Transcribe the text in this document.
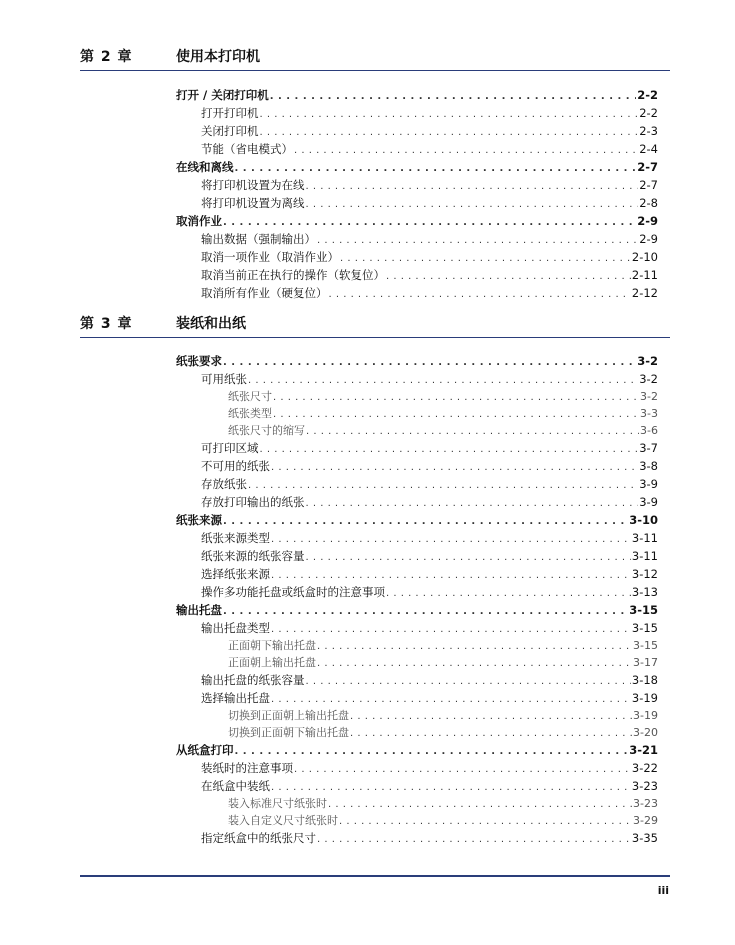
第 2 章	使用本打印机
打开 / 关闭打印机 . . .	2-2
打开打印机 . . .	2-2
关闭打印机 . . .	2-3
节能（省电模式） . . .	2-4
在线和离线 . . .	2-7
将打印机设置为在线 . . .	2-7
将打印机设置为离线 . . .	2-8
取消作业 . . .	2-9
输出数据（强制输出） . . .	2-9
取消一项作业（取消作业） . . .	2-10
取消当前正在执行的操作（软复位） . . .	2-11
取消所有作业（硬复位） . . .	2-12
第 3 章	装纸和出纸
纸张要求 . . .	3-2
可用纸张 . . .	3-2
纸张尺寸 . . .	3-2
纸张类型 . . .	3-3
纸张尺寸的缩写 . . .	3-6
可打印区域 . . .	3-7
不可用的纸张 . . .	3-8
存放纸张 . . .	3-9
存放打印输出的纸张 . . .	3-9
纸张来源 . . .	3-10
纸张来源类型 . . .	3-11
纸张来源的纸张容量 . . .	3-11
选择纸张来源 . . .	3-12
操作多功能托盘或纸盒时的注意事项 . . .	3-13
输出托盘 . . .	3-15
输出托盘类型 . . .	3-15
正面朝下输出托盘 . . .	3-15
正面朝上输出托盘 . . .	3-17
输出托盘的纸张容量 . . .	3-18
选择输出托盘 . . .	3-19
切换到正面朝上输出托盘 . . .	3-19
切换到正面朝下输出托盘 . . .	3-20
从纸盒打印 . . .	3-21
装纸时的注意事项 . . .	3-22
在纸盒中装纸 . . .	3-23
装入标准尺寸纸张时 . . .	3-23
装入自定义尺寸纸张时 . . .	3-29
指定纸盒中的纸张尺寸 . . .	3-35
iii
